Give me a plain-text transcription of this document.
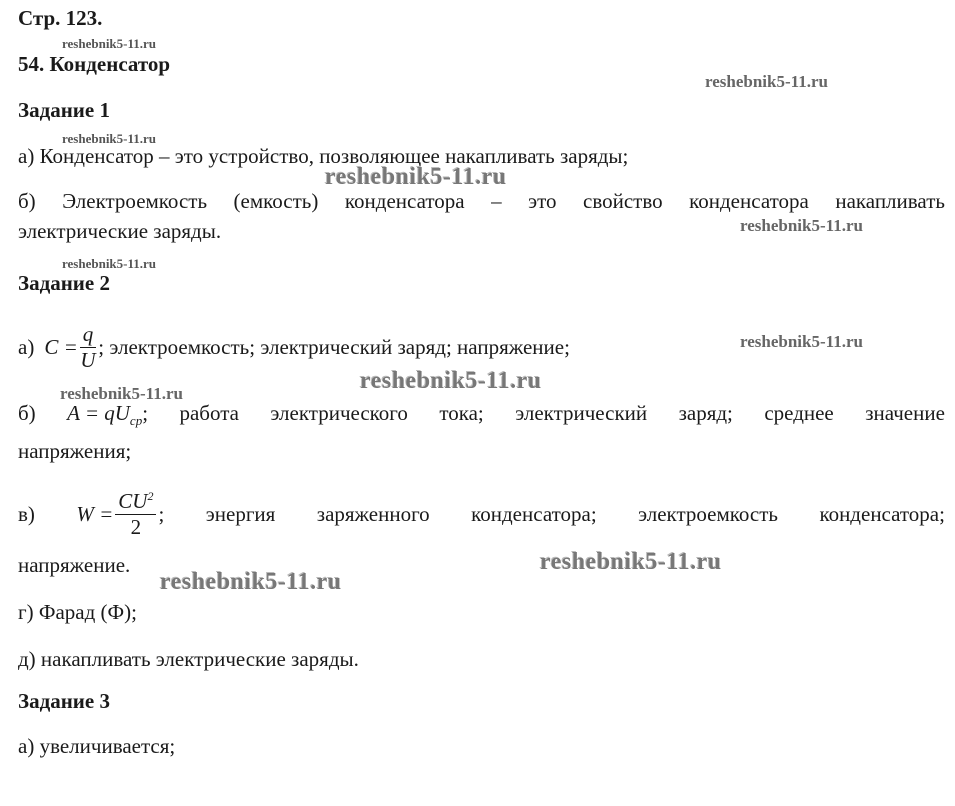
Стр. 123.
reshebnik5-11.ru
54. Конденсатор
reshebnik5-11.ru
Задание 1
reshebnik5-11.ru
а) Конденсатор – это устройство, позволяющее накапливать заряды;
reshebnik5-11.ru
б) Электроемкость (емкость) конденсатора – это свойство конденсатора накапливать
электрические заряды.	reshebnik5-11.ru
reshebnik5-11.ru
Задание 2
а) $C = \frac{q}{U}$ ; электроемкость; электрический заряд; напряжение;	reshebnik5-11.ru
reshebnik5-11.ru
reshebnik5-11.ru
б) $A = qU_{ср}$; работа электрического тока; электрический заряд; среднее значение
напряжения;
в) $W = \frac{CU^2}{2}$ ; энергия заряженного конденсатора; электроемкость конденсатора;
напряжение.	reshebnik5-11.ru
reshebnik5-11.ru
г) Фарад (Ф);
д) накапливать электрические заряды.
Задание 3
а) увеличивается;
